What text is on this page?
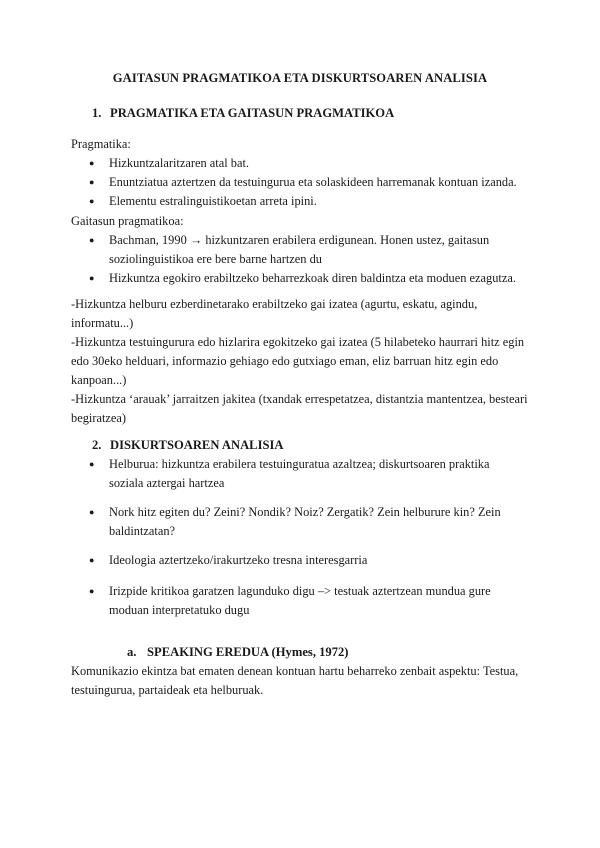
GAITASUN PRAGMATIKOA ETA DISKURTSOAREN ANALISIA
1. PRAGMATIKA ETA GAITASUN PRAGMATIKOA

Pragmatika:

● Hizkuntzalaritzaren atal bat.
● Enuntziatua aztertzen da testuingurua eta solaskideen harremanak kontuan izanda.
● Elementu estralinguistikoetan arreta ipini.

Gaitasun pragmatikoa:

● Bachman, 1990 → hizkuntzaren erabilera erdigunean. Honen ustez, gaitasun soziolinguistikoa ere bere barne hartzen du
● Hizkuntza egokiro erabiltzeko beharrezkoak diren baldintza eta moduen ezagutza.

-Hizkuntza helburu ezberdinetarako erabiltzeko gai izatea (agurtu, eskatu, agindu, informatu...)

-Hizkuntza testuingurura edo hizlarira egokitzeko gai izatea (5 hilabeteko haurrari hitz egin edo 30eko helduari, informazio gehiago edo gutxiago eman, eliz barruan hitz egin edo kanpoan...)

-Hizkuntza ‘arauak’ jarraitzen jakitea (txandak errespetatzea, distantzia mantentzea, besteari begiratzea)

2. DISKURTSOAREN ANALISIA
● Helburua: hizkuntza erabilera testuinguratua azaltzea; diskurtsoaren praktika soziala aztergai hartzea
● Nork hitz egiten du? Zeini? Nondik? Noiz? Zergatik? Zein helburure kin? Zein baldintzatan?
● Ideologia aztertzeko/irakurtzeko tresna interesgarria
● Irizpide kritikoa garatzen lagunduko digu –> testuak aztertzean mundua gure moduan interpretatuko dugu
a. SPEAKING EREDUA (Hymes, 1972)

Komunikazio ekintza bat ematen denean kontuan hartu beharreko zenbait aspektu: Testua, testuingurua, partaideak eta helburuak.
